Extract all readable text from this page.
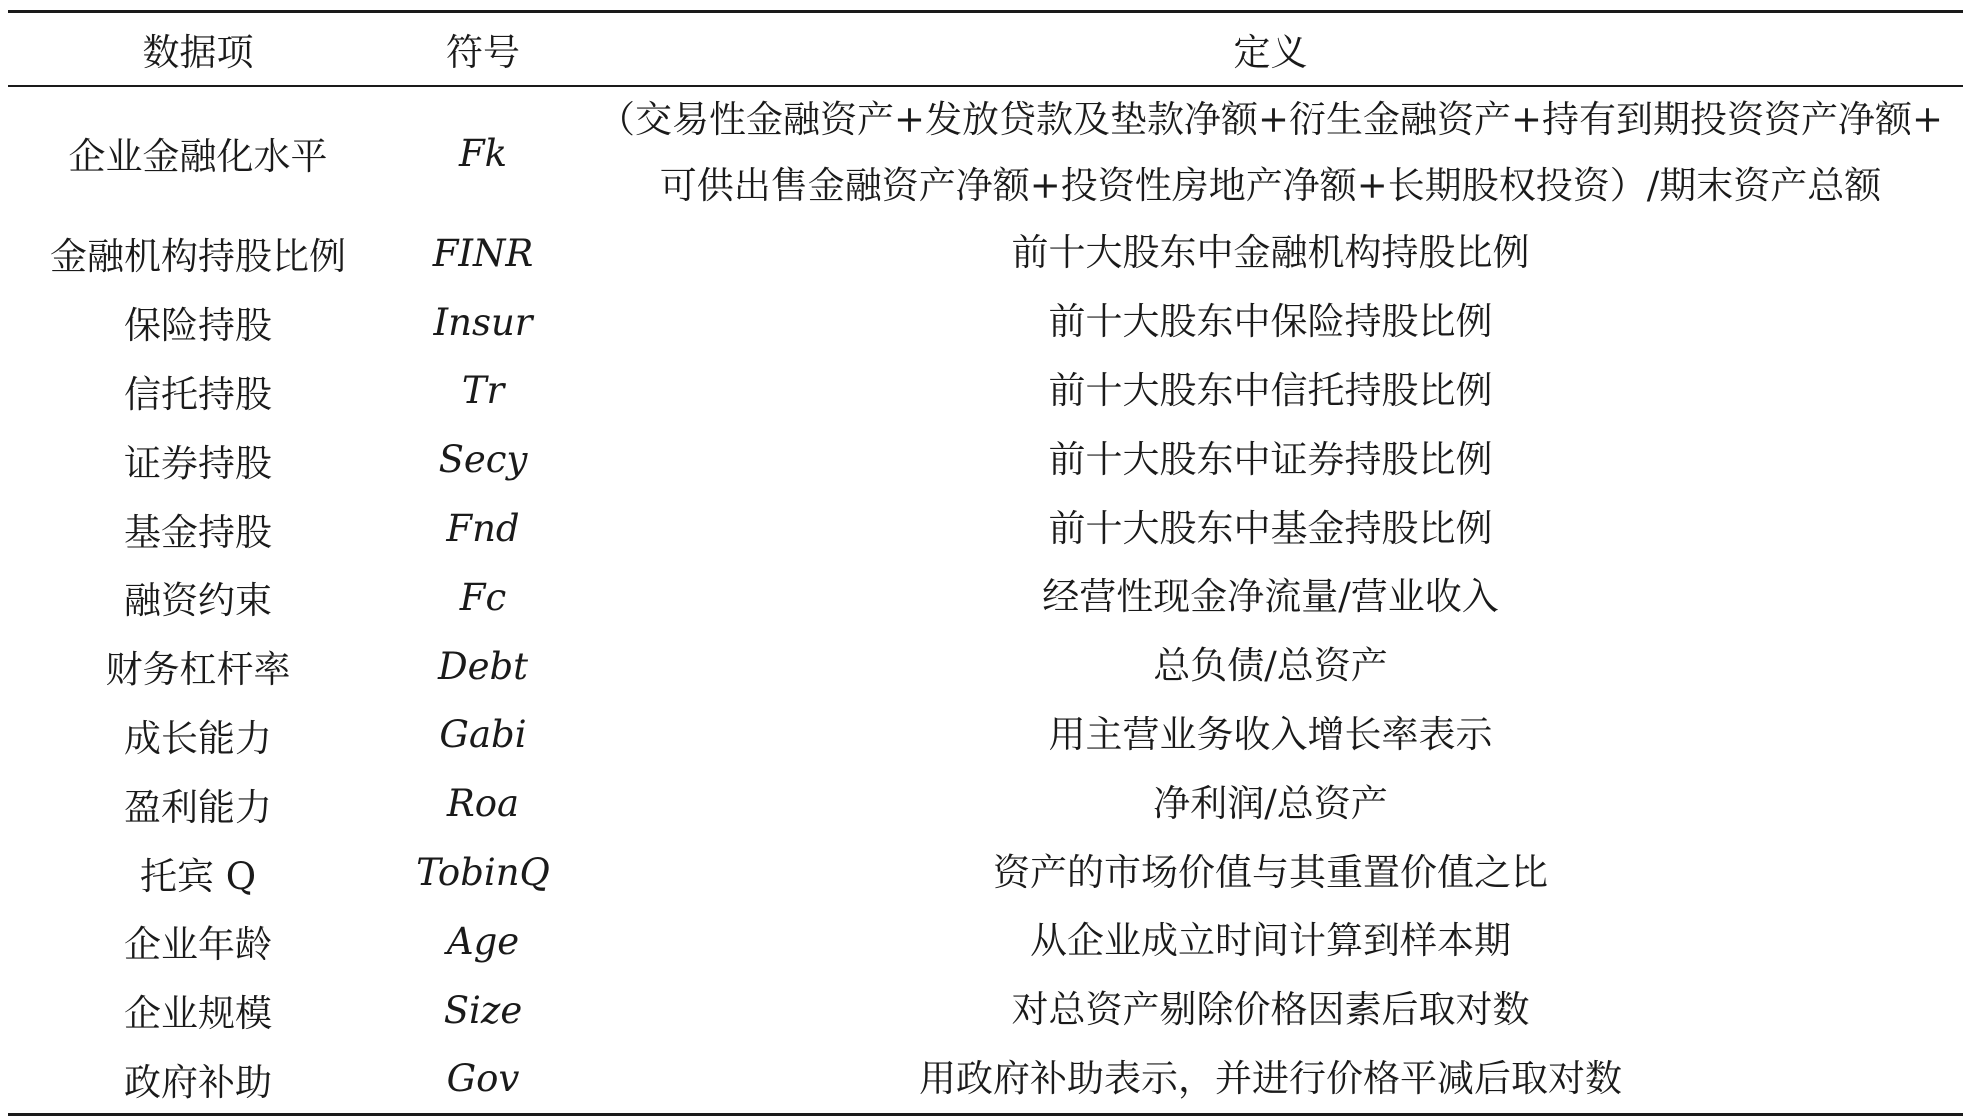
数据项	符号	定义
企业金融化水平	Fk	（交易性金融资产+发放贷款及垫款净额+衍生金融资产+持有到期投资资产净额+
可供出售金融资产净额+投资性房地产净额+长期股权投资）/期末资产总额

金融机构持股比例	FINR	前十大股东中金融机构持股比例

保险持股	Insur	前十大股东中保险持股比例

信托持股	Tr	前十大股东中信托持股比例

证券持股	Secy	前十大股东中证券持股比例

基金持股	Fnd	前十大股东中基金持股比例

融资约束	Fc	经营性现金净流量/营业收入

财务杠杆率	Debt	总负债/总资产

成长能力	Gabi	用主营业务收入增长率表示

盈利能力	Roa	净利润/总资产

托宾 Q	TobinQ	资产的市场价值与其重置价值之比

企业年龄	Age	从企业成立时间计算到样本期

企业规模	Size	对总资产剔除价格因素后取对数

政府补助	Gov	用政府补助表示，并进行价格平减后取对数
